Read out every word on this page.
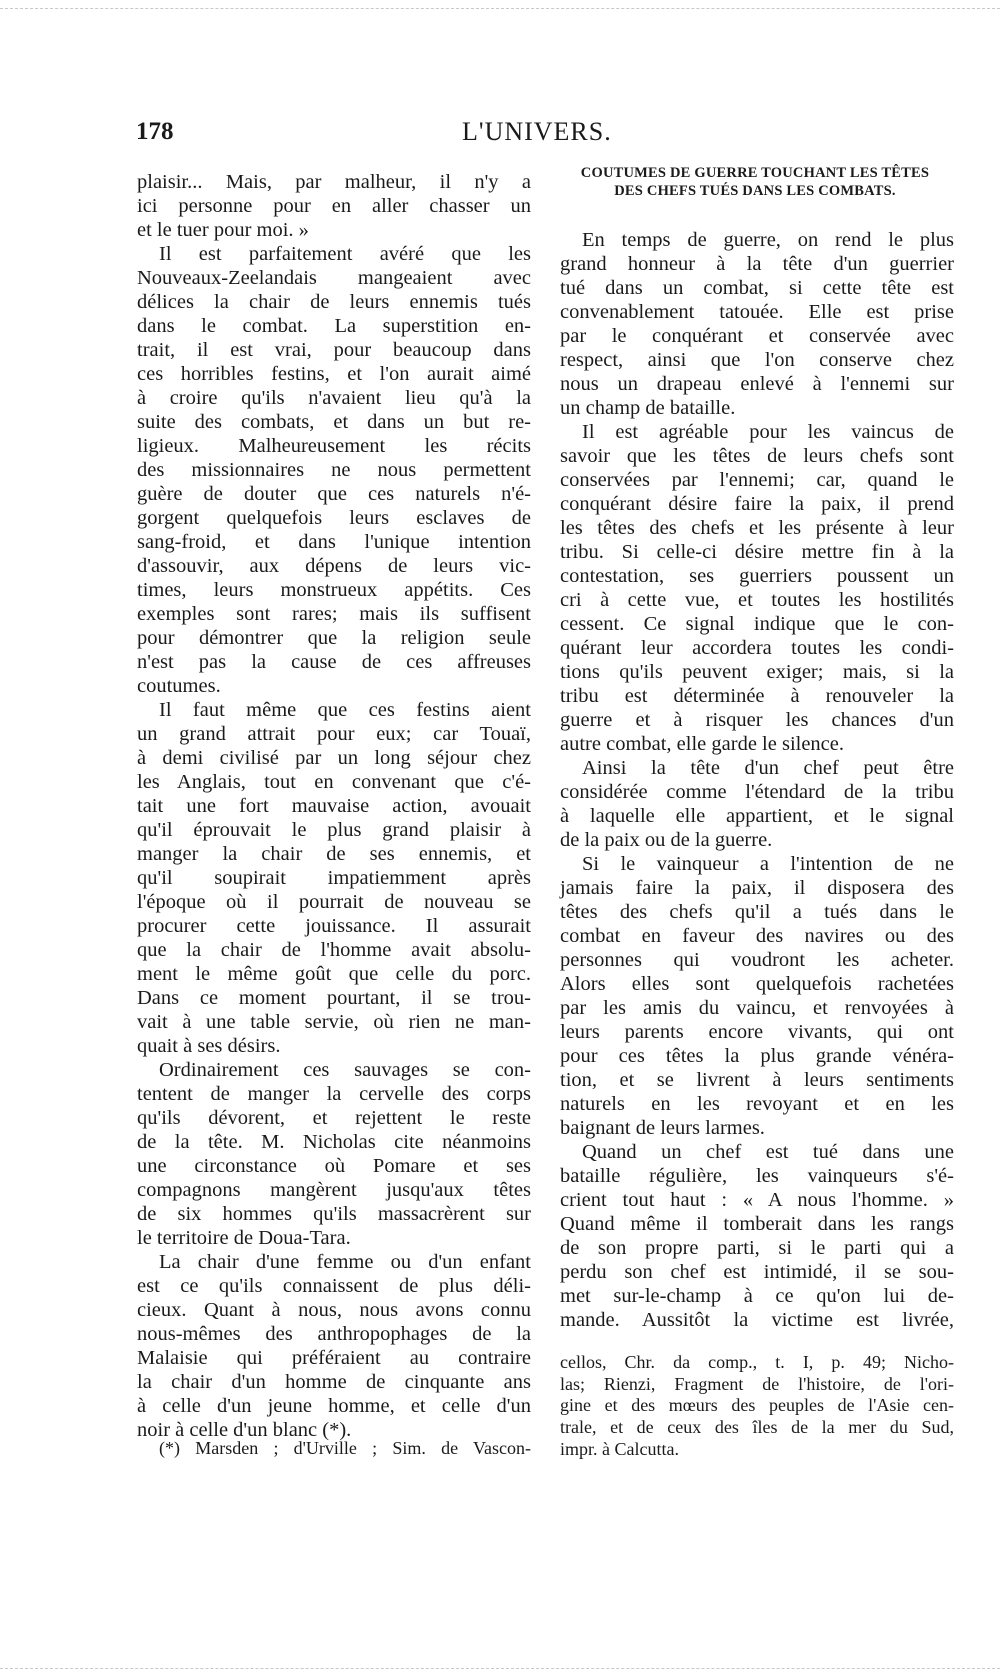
178	L'UNIVERS.
COUTUMES DE GUERRE TOUCHANT LES TÊTES
DES CHEFS TUÉS DANS LES COMBATS.
plaisir... Mais, par malheur, il n'y a
ici personne pour en aller chasser un
et le tuer pour moi. »
Il est parfaitement avéré que les
Nouveaux-Zeelandais mangeaient avec
délices la chair de leurs ennemis tués
dans le combat. La superstition en-
trait, il est vrai, pour beaucoup dans
ces horribles festins, et l'on aurait aimé
à croire qu'ils n'avaient lieu qu'à la
suite des combats, et dans un but re-
ligieux. Malheureusement les récits
des missionnaires ne nous permettent
guère de douter que ces naturels n'é-
gorgent quelquefois leurs esclaves de
sang-froid, et dans l'unique intention
d'assouvir, aux dépens de leurs vic-
times, leurs monstrueux appétits. Ces
exemples sont rares; mais ils suffisent
pour démontrer que la religion seule
n'est pas la cause de ces affreuses
coutumes.
Il faut même que ces festins aient
un grand attrait pour eux; car Touaï,
à demi civilisé par un long séjour chez
les Anglais, tout en convenant que c'é-
tait une fort mauvaise action, avouait
qu'il éprouvait le plus grand plaisir à
manger la chair de ses ennemis, et
qu'il soupirait impatiemment après
l'époque où il pourrait de nouveau se
procurer cette jouissance. Il assurait
que la chair de l'homme avait absolu-
ment le même goût que celle du porc.
Dans ce moment pourtant, il se trou-
vait à une table servie, où rien ne man-
quait à ses désirs.
Ordinairement ces sauvages se con-
tentent de manger la cervelle des corps
qu'ils dévorent, et rejettent le reste
de la tête. M. Nicholas cite néanmoins
une circonstance où Pomare et ses
compagnons mangèrent jusqu'aux têtes
de six hommes qu'ils massacrèrent sur
le territoire de Doua-Tara.
La chair d'une femme ou d'un enfant
est ce qu'ils connaissent de plus déli-
cieux. Quant à nous, nous avons connu
nous-mêmes des anthropophages de la
Malaisie qui préféraient au contraire
la chair d'un homme de cinquante ans
à celle d'un jeune homme, et celle d'un
noir à celle d'un blanc (*).
En temps de guerre, on rend le plus
grand honneur à la tête d'un guerrier
tué dans un combat, si cette tête est
convenablement tatouée. Elle est prise
par le conquérant et conservée avec
respect, ainsi que l'on conserve chez
nous un drapeau enlevé à l'ennemi sur
un champ de bataille.
Il est agréable pour les vaincus de
savoir que les têtes de leurs chefs sont
conservées par l'ennemi; car, quand le
conquérant désire faire la paix, il prend
les têtes des chefs et les présente à leur
tribu. Si celle-ci désire mettre fin à la
contestation, ses guerriers poussent un
cri à cette vue, et toutes les hostilités
cessent. Ce signal indique que le con-
quérant leur accordera toutes les condi-
tions qu'ils peuvent exiger; mais, si la
tribu est déterminée à renouveler la
guerre et à risquer les chances d'un
autre combat, elle garde le silence.
Ainsi la tête d'un chef peut être
considérée comme l'étendard de la tribu
à laquelle elle appartient, et le signal
de la paix ou de la guerre.
Si le vainqueur a l'intention de ne
jamais faire la paix, il disposera des
têtes des chefs qu'il a tués dans le
combat en faveur des navires ou des
personnes qui voudront les acheter.
Alors elles sont quelquefois rachetées
par les amis du vaincu, et renvoyées à
leurs parents encore vivants, qui ont
pour ces têtes la plus grande vénéra-
tion, et se livrent à leurs sentiments
naturels en les revoyant et en les
baignant de leurs larmes.
Quand un chef est tué dans une
bataille régulière, les vainqueurs s'é-
crient tout haut : « A nous l'homme. »
Quand même il tomberait dans les rangs
de son propre parti, si le parti qui a
perdu son chef est intimidé, il se sou-
met sur-le-champ à ce qu'on lui de-
mande. Aussitôt la victime est livrée,
(*) Marsden ; d'Urville ; Sim. de Vascon-
cellos, Chr. da comp., t. I, p. 49; Nicho-
las; Rienzi, Fragment de l'histoire, de l'ori-
gine et des mœurs des peuples de l'Asie cen-
trale, et de ceux des îles de la mer du Sud,
impr. à Calcutta.
